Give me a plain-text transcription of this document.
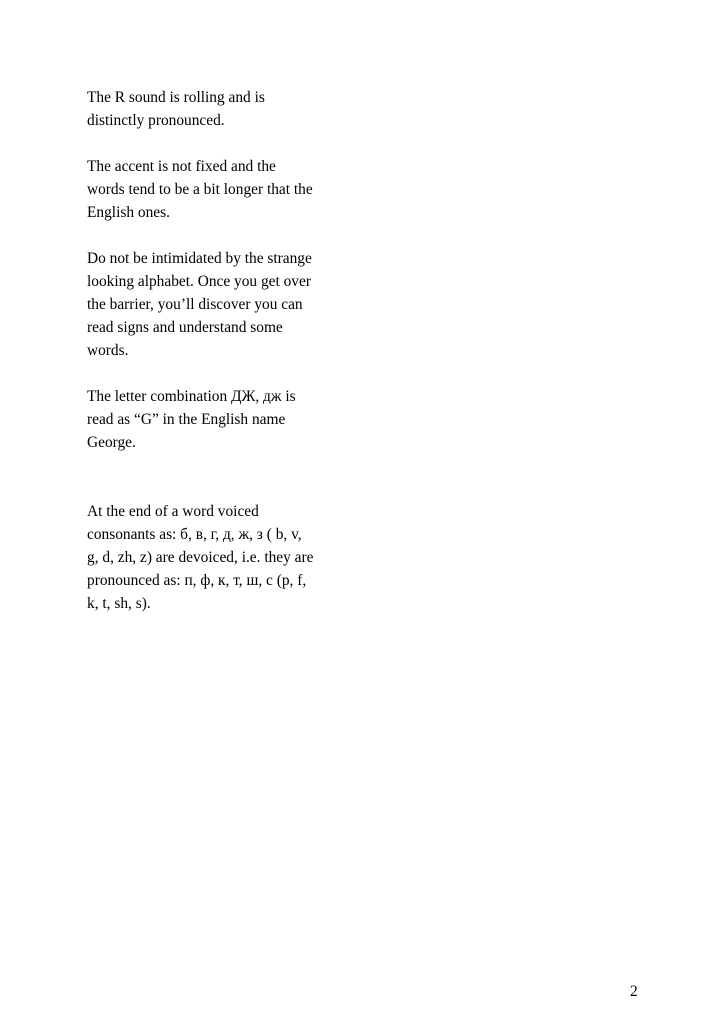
The R sound is rolling and is
distinctly pronounced.

The accent is not fixed and the
words tend to be a bit longer that the
English ones.

Do not be intimidated by the strange
looking alphabet. Once you get over
the barrier, you’ll discover you can
read signs and understand some
words.

The letter combination ДЖ, дж is
read as “G” in the English name
George.

At the end of a word voiced
consonants as: б, в, г, д, ж, з ( b, v,
g, d, zh, z) are devoiced, i.e. they are
pronounced as: п, ф, к, т, ш, с (p, f,
k, t, sh, s).

2
